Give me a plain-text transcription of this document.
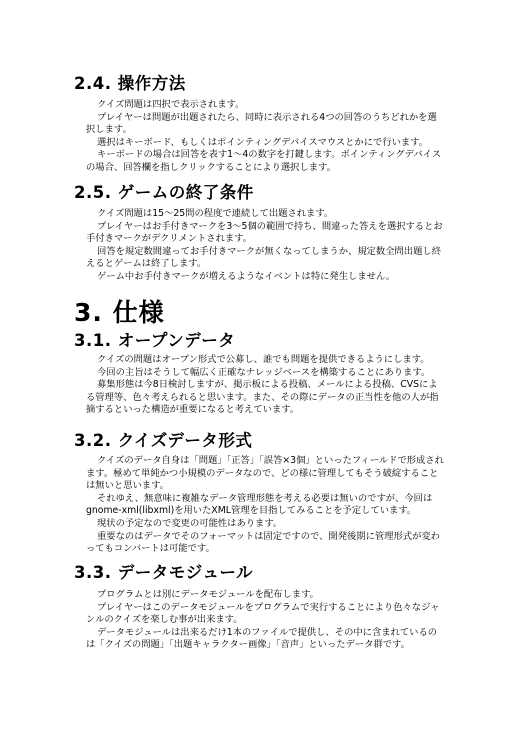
2.4. 操作方法

クイズ問題は四択で表示されます。

プレイヤーは問題が出題されたら、同時に表示される4つの回答のうちどれかを選択します。

選択はキーボード、もしくはポインティングデバイスマウスとかにで行います。

キーボードの場合は回答を表す1～4の数字を打鍵します。ポインティングデバイスの場合、回答欄を指しクリックすることにより選択します。

2.5. ゲームの終了条件

クイズ問題は15～25問の程度で連続して出題されます。

プレイヤーはお手付きマークを3～5個の範囲で持ち、間違った答えを選択するとお手付きマークがデクリメントされます。

回答を規定数間違ってお手付きマークが無くなってしまうか、規定数全問出題し終えるとゲームは終了します。

ゲーム中お手付きマークが増えるようなイベントは特に発生しません。

3. 仕様
3.1. オープンデータ

クイズの問題はオープン形式で公募し、誰でも問題を提供できるようにします。

今回の主旨はそうして幅広く正確なナレッジベースを構築することにあります。

募集形態は今8日検討しますが、掲示板による投稿、メールによる投稿、CVSによる管理等、色々考えられると思います。また、その際にデータの正当性を他の人が指摘するといった構造が重要になると考えています。

3.2. クイズデータ形式

クイズのデータ自身は「問題」「正答」「誤答×3個」といったフィールドで形成されます。極めて単純かつ小規模のデータなので、どの様に管理してもそう破綻することは無いと思います。

それゆえ、無意味に複雑なデータ管理形態を考える必要は無いのですが、今回はgnome-xml(libxml)を用いたXML管理を目指してみることを予定しています。

現状の予定なので変更の可能性はあります。

重要なのはデータでそのフォーマットは固定ですので、開発後期に管理形式が変わってもコンバートは可能です。

3.3. データモジュール

プログラムとは別にデータモジュールを配布します。

プレイヤーはこのデータモジュールをプログラムで実行することにより色々なジャンルのクイズを楽しむ事が出来ます。

データモジュールは出来るだけ1本のファイルで提供し、その中に含まれているのは「クイズの問題」「出題キャラクター画像」「音声」といったデータ群です。
